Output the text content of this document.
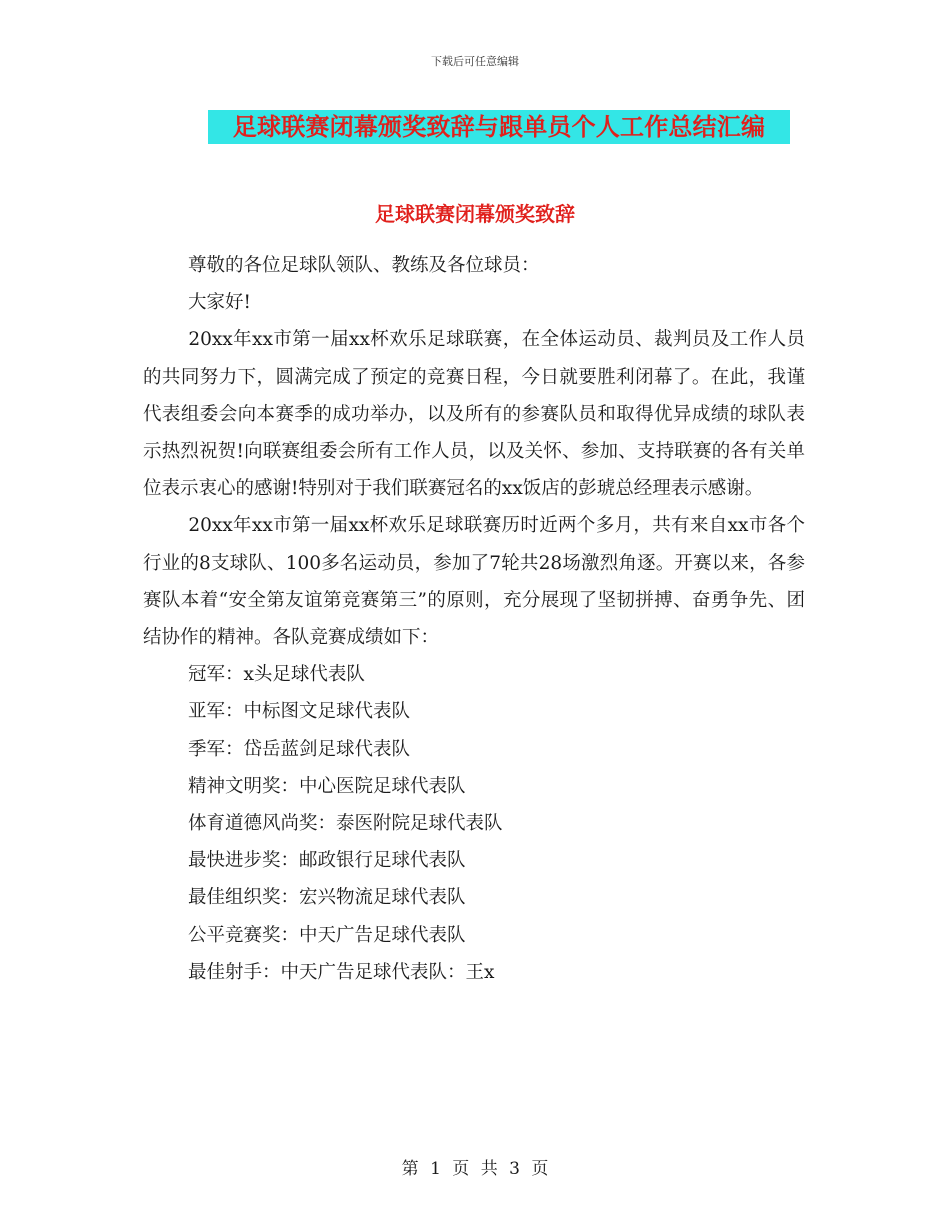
下载后可任意编辑
足球联赛闭幕颁奖致辞与跟单员个人工作总结汇编
足球联赛闭幕颁奖致辞

尊敬的各位足球队领队、教练及各位球员：

大家好!

20xx年xx市第一届xx杯欢乐足球联赛，在全体运动员、裁判员及工作人员的共同努力下，圆满完成了预定的竞赛日程，今日就要胜利闭幕了。在此，我谨代表组委会向本赛季的成功举办，以及所有的参赛队员和取得优异成绩的球队表示热烈祝贺!向联赛组委会所有工作人员，以及关怀、参加、支持联赛的各有关单位表示衷心的感谢!特别对于我们联赛冠名的xx饭店的彭琥总经理表示感谢。

20xx年xx市第一届xx杯欢乐足球联赛历时近两个多月，共有来自xx市各个行业的8支球队、100多名运动员，参加了7轮共28场激烈角逐。开赛以来，各参赛队本着“安全第友谊第竞赛第三”的原则，充分展现了坚韧拼搏、奋勇争先、团结协作的精神。各队竞赛成绩如下：

冠军：x头足球代表队

亚军：中标图文足球代表队

季军：岱岳蓝剑足球代表队

精神文明奖：中心医院足球代表队

体育道德风尚奖：泰医附院足球代表队

最快进步奖：邮政银行足球代表队

最佳组织奖：宏兴物流足球代表队

公平竞赛奖：中天广告足球代表队

最佳射手：中天广告足球代表队：王x

第 1 页 共 3 页
